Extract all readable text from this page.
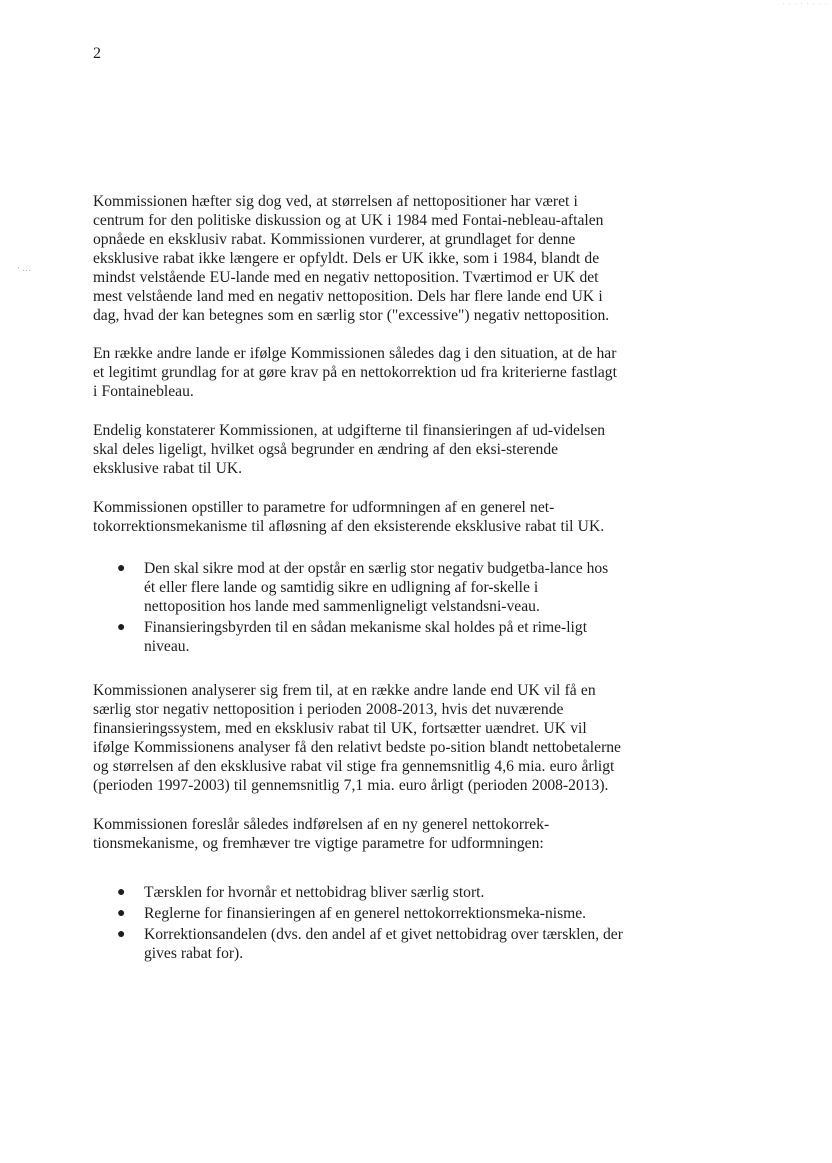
2
· …
· · · · · · · ·

Kommissionen hæfter sig dog ved, at størrelsen af nettopositioner har været i centrum for den politiske diskussion og at UK i 1984 med Fontai-nebleau-aftalen opnåede en eksklusiv rabat. Kommissionen vurderer, at grundlaget for denne eksklusive rabat ikke længere er opfyldt. Dels er UK ikke, som i 1984, blandt de mindst velstående EU-lande med en negativ nettoposition. Tværtimod er UK det mest velstående land med en negativ nettoposition. Dels har flere lande end UK i dag, hvad der kan betegnes som en særlig stor ("excessive") negativ nettoposition.

En række andre lande er ifølge Kommissionen således dag i den situation, at de har et legitimt grundlag for at gøre krav på en nettokorrektion ud fra kriterierne fastlagt i Fontainebleau.

Endelig konstaterer Kommissionen, at udgifterne til finansieringen af ud-videlsen skal deles ligeligt, hvilket også begrunder en ændring af den eksi-sterende eksklusive rabat til UK.

Kommissionen opstiller to parametre for udformningen af en generel net-tokorrektionsmekanisme til afløsning af den eksisterende eksklusive rabat til UK.

● Den skal sikre mod at der opstår en særlig stor negativ budgetba-lance hos ét eller flere lande og samtidig sikre en udligning af for-skelle i nettoposition hos lande med sammenligneligt velstandsni-veau.
● Finansieringsbyrden til en sådan mekanisme skal holdes på et rime-ligt niveau.

Kommissionen analyserer sig frem til, at en række andre lande end UK vil få en særlig stor negativ nettoposition i perioden 2008-2013, hvis det nuværende finansieringssystem, med en eksklusiv rabat til UK, fortsætter uændret. UK vil ifølge Kommissionens analyser få den relativt bedste po-sition blandt nettobetalerne og størrelsen af den eksklusive rabat vil stige fra gennemsnitlig 4,6 mia. euro årligt (perioden 1997-2003) til gennemsnitlig 7,1 mia. euro årligt (perioden 2008-2013).

Kommissionen foreslår således indførelsen af en ny generel nettokorrek-tionsmekanisme, og fremhæver tre vigtige parametre for udformningen:

● Tærsklen for hvornår et nettobidrag bliver særlig stort.
● Reglerne for finansieringen af en generel nettokorrektionsmeka-nisme.
● Korrektionsandelen (dvs. den andel af et givet nettobidrag over tærsklen, der gives rabat for).
